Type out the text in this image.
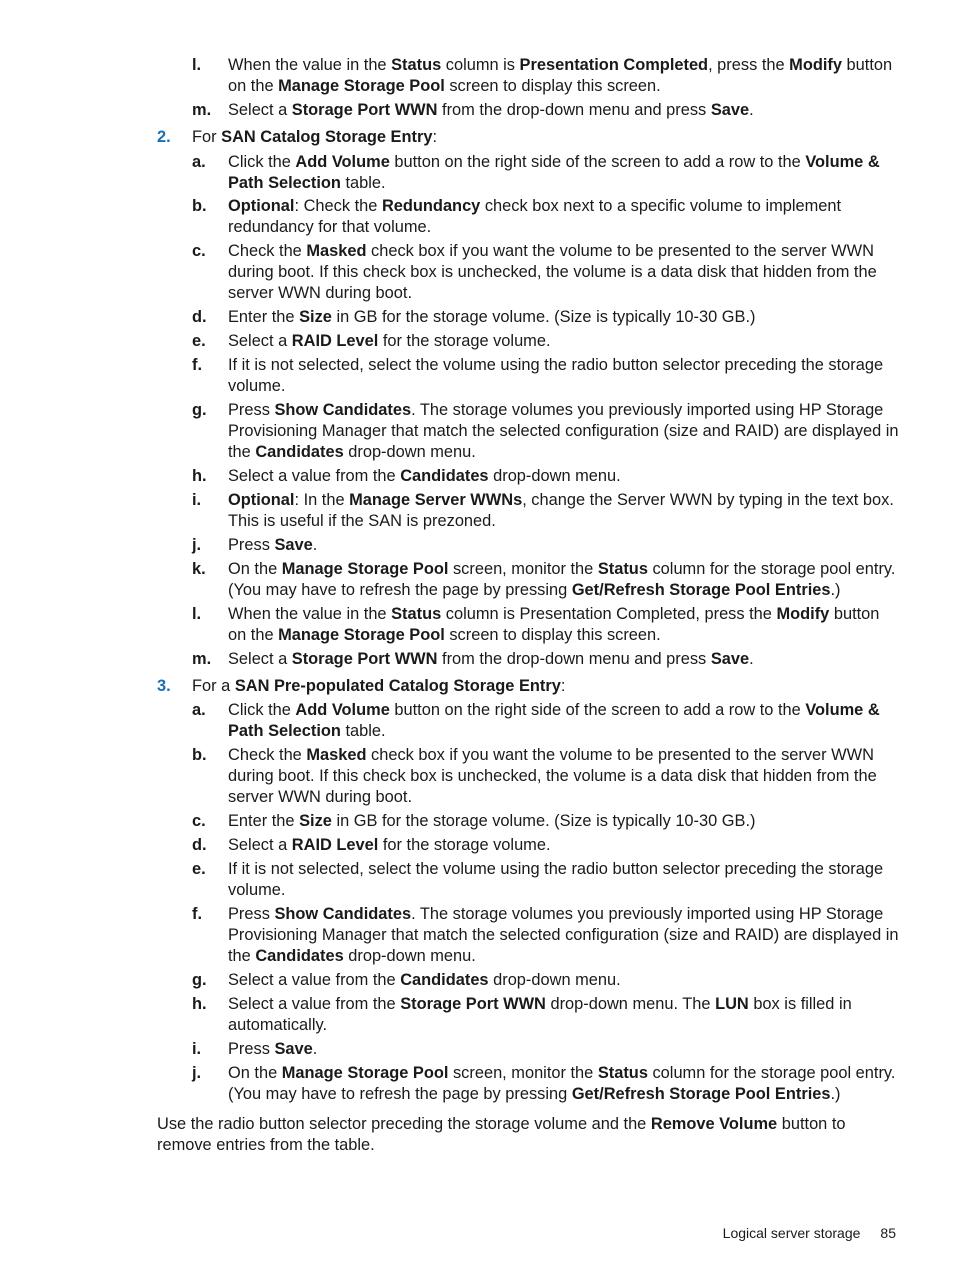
l. When the value in the Status column is Presentation Completed, press the Modify button on the Manage Storage Pool screen to display this screen.
m. Select a Storage Port WWN from the drop-down menu and press Save.
2. For SAN Catalog Storage Entry:
a. Click the Add Volume button on the right side of the screen to add a row to the Volume & Path Selection table.
b. Optional: Check the Redundancy check box next to a specific volume to implement redundancy for that volume.
c. Check the Masked check box if you want the volume to be presented to the server WWN during boot. If this check box is unchecked, the volume is a data disk that hidden from the server WWN during boot.
d. Enter the Size in GB for the storage volume. (Size is typically 10-30 GB.)
e. Select a RAID Level for the storage volume.
f. If it is not selected, select the volume using the radio button selector preceding the storage volume.
g. Press Show Candidates. The storage volumes you previously imported using HP Storage Provisioning Manager that match the selected configuration (size and RAID) are displayed in the Candidates drop-down menu.
h. Select a value from the Candidates drop-down menu.
i. Optional: In the Manage Server WWNs, change the Server WWN by typing in the text box. This is useful if the SAN is prezoned.
j. Press Save.
k. On the Manage Storage Pool screen, monitor the Status column for the storage pool entry. (You may have to refresh the page by pressing Get/Refresh Storage Pool Entries.)
l. When the value in the Status column is Presentation Completed, press the Modify button on the Manage Storage Pool screen to display this screen.
m. Select a Storage Port WWN from the drop-down menu and press Save.
3. For a SAN Pre-populated Catalog Storage Entry:
a. Click the Add Volume button on the right side of the screen to add a row to the Volume & Path Selection table.
b. Check the Masked check box if you want the volume to be presented to the server WWN during boot. If this check box is unchecked, the volume is a data disk that hidden from the server WWN during boot.
c. Enter the Size in GB for the storage volume. (Size is typically 10-30 GB.)
d. Select a RAID Level for the storage volume.
e. If it is not selected, select the volume using the radio button selector preceding the storage volume.
f. Press Show Candidates. The storage volumes you previously imported using HP Storage Provisioning Manager that match the selected configuration (size and RAID) are displayed in the Candidates drop-down menu.
g. Select a value from the Candidates drop-down menu.
h. Select a value from the Storage Port WWN drop-down menu. The LUN box is filled in automatically.
i. Press Save.
j. On the Manage Storage Pool screen, monitor the Status column for the storage pool entry. (You may have to refresh the page by pressing Get/Refresh Storage Pool Entries.)
Use the radio button selector preceding the storage volume and the Remove Volume button to remove entries from the table.
Logical server storage 85
